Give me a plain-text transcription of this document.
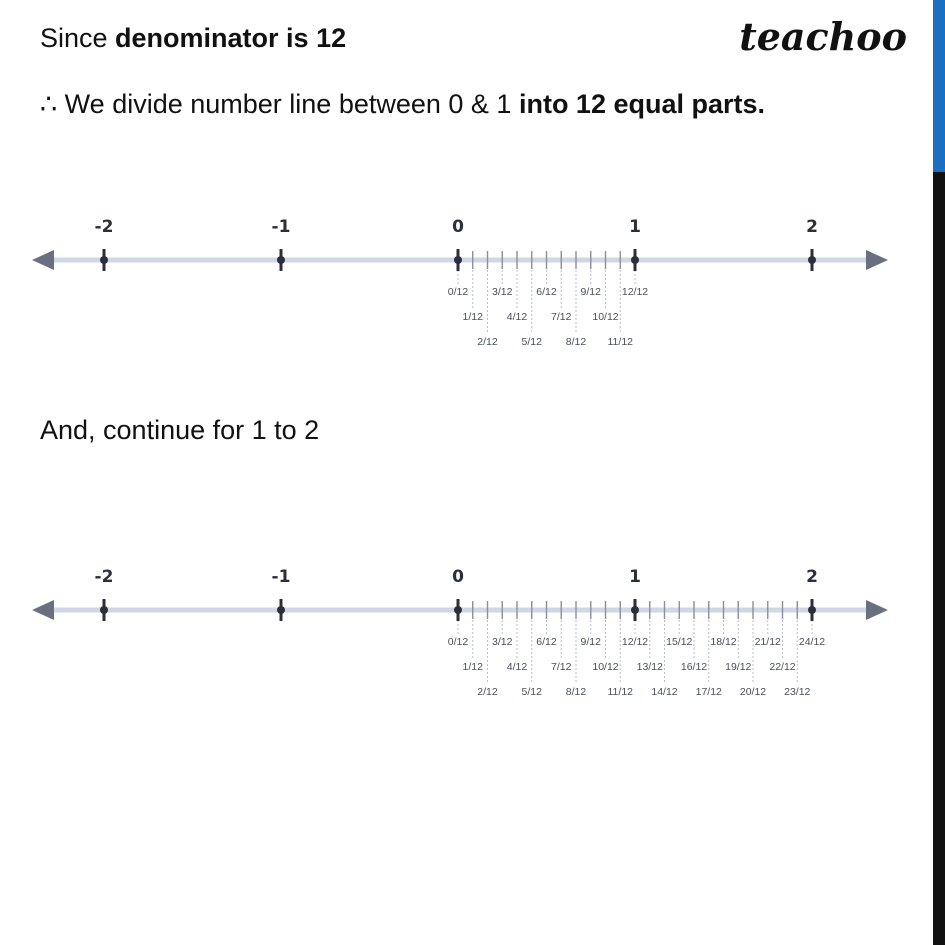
Since denominator is 12
∴ We divide number line between 0 & 1 into 12 equal parts.
teachoo
0/12
1/12
2/12
3/12
4/12
5/12
6/12
7/12
8/12
9/12
10/12
11/12
12/12
-2	-1	0	1	2
And, continue for 1 to 2
0/12
1/12
2/12
3/12
4/12
5/12
6/12
7/12
8/12
9/12
10/12
11/12
12/12
13/12
14/12
15/12
16/12
17/12
18/12
19/12
20/12
21/12
22/12
23/12
24/12
-2	-1	0	1	2
